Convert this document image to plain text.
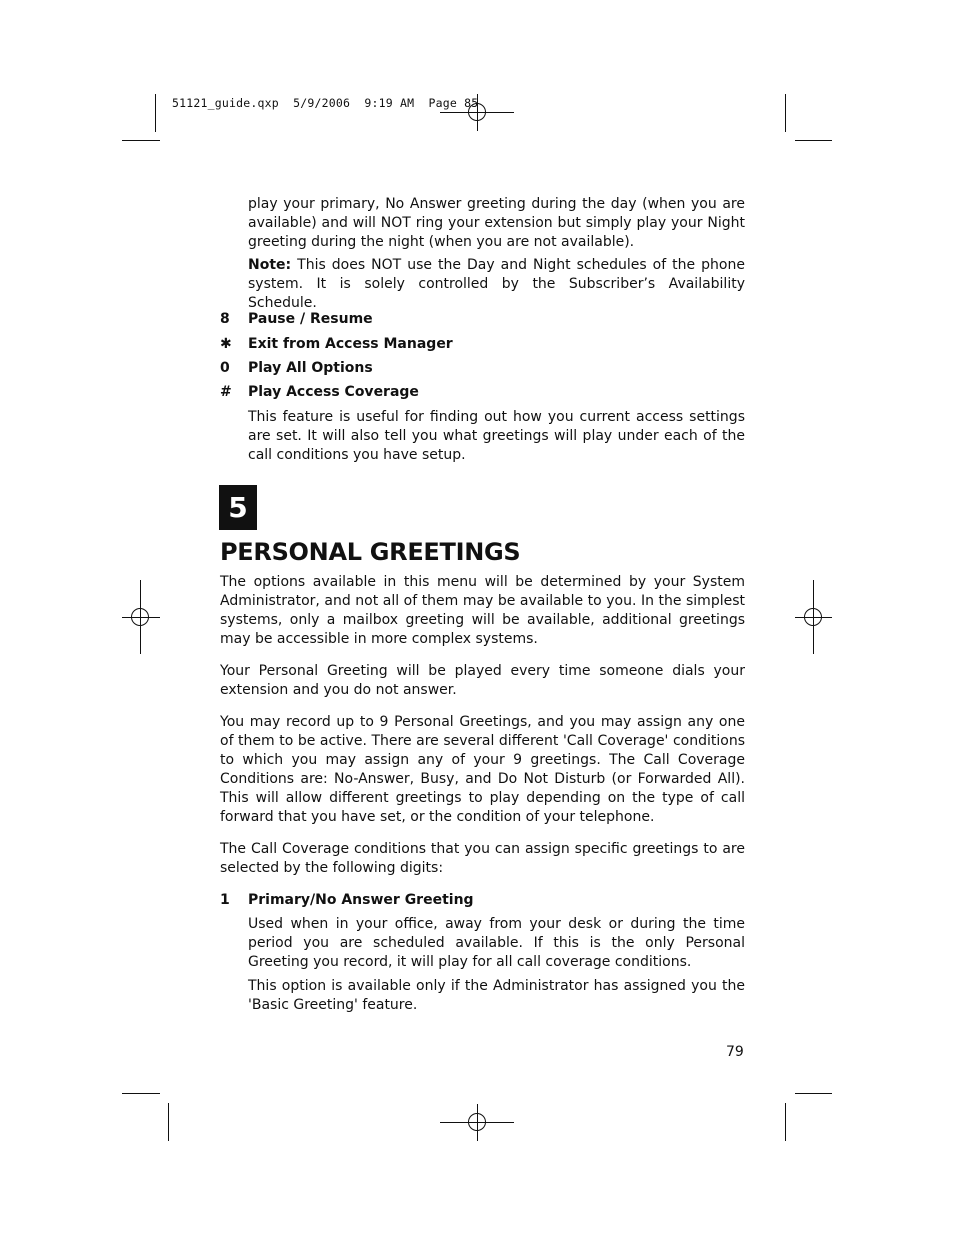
51121_guide.qxp  5/9/2006  9:19 AM  Page 85

play your primary, No Answer greeting during the day (when you are available) and will NOT ring your extension but simply play your Night greeting during the night (when you are not available).

Note: This does NOT use the Day and Night schedules of the phone system. It is solely controlled by the Subscriber’s Availability Schedule.

8 Pause / Resume
✱ Exit from Access Manager
0 Play All Options
# Play Access Coverage

This feature is useful for finding out how you current access settings are set. It will also tell you what greetings will play under each of the call conditions you have setup.

5
PERSONAL GREETINGS

The options available in this menu will be determined by your System Administrator, and not all of them may be available to you. In the simplest systems, only a mailbox greeting will be available, additional greetings may be accessible in more complex systems.

Your Personal Greeting will be played every time someone dials your extension and you do not answer.

You may record up to 9 Personal Greetings, and you may assign any one of them to be active. There are several different 'Call Coverage' conditions to which you may assign any of your 9 greetings. The Call Coverage Conditions are: No-Answer, Busy, and Do Not Disturb (or Forwarded All). This will allow different greetings to play depending on the type of call forward that you have set, or the condition of your telephone.

The Call Coverage conditions that you can assign specific greetings to are selected by the following digits:

1 Primary/No Answer Greeting

Used when in your office, away from your desk or during the time period you are scheduled available. If this is the only Personal Greeting you record, it will play for all call coverage conditions.

This option is available only if the Administrator has assigned you the 'Basic Greeting' feature.

79
